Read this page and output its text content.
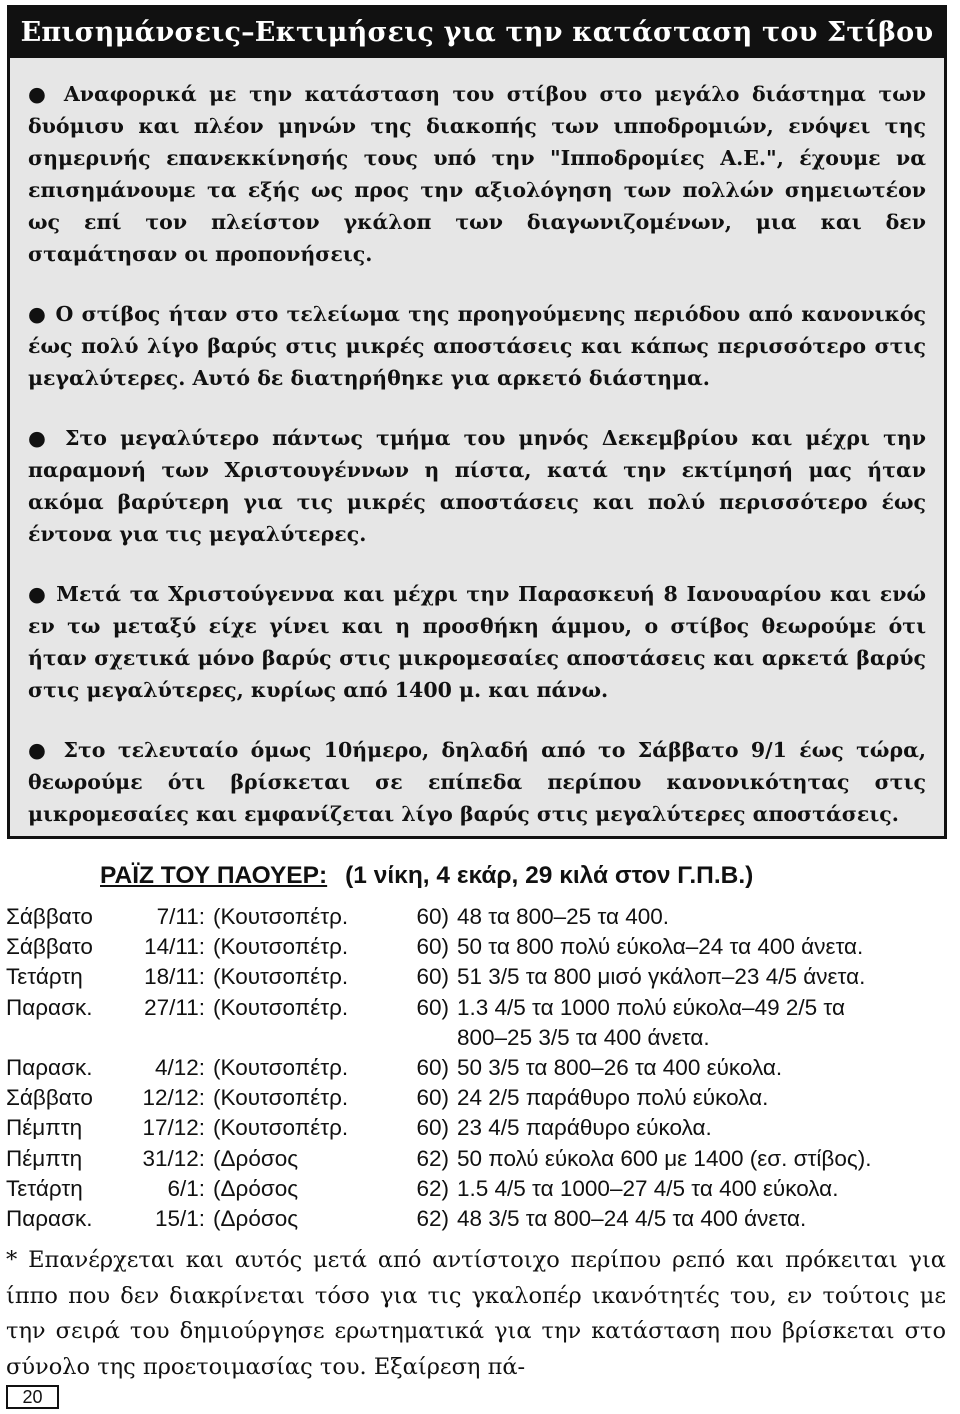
Επισημάνσεις–Εκτιμήσεις για την κατάσταση του Στίβου

● Αναφορικά με την κατάσταση του στίβου στο μεγάλο διάστημα των δυόμισυ και πλέον μηνών της διακοπής των ιπποδρομιών, ενόψει της σημερινής επανεκκίνησής τους υπό την "Ιπποδρομίες Α.Ε.", έχουμε να επισημάνουμε τα εξής ως προς την αξιολόγηση των πολλών σημειωτέον ως επί τον πλείστον γκάλοπ των διαγωνιζομένων, μια και δεν σταμάτησαν οι προπονήσεις.

● Ο στίβος ήταν στο τελείωμα της προηγούμενης περιόδου από κανονικός έως πολύ λίγο βαρύς στις μικρές αποστάσεις και κάπως περισσότερο στις μεγαλύτερες. Αυτό δε διατηρήθηκε για αρκετό διάστημα.

● Στο μεγαλύτερο πάντως τμήμα του μηνός Δεκεμβρίου και μέχρι την παραμονή των Χριστουγέννων η πίστα, κατά την εκτίμησή μας ήταν ακόμα βαρύτερη για τις μικρές αποστάσεις και πολύ περισσότερο έως έντονα για τις μεγαλύτερες.

● Μετά τα Χριστούγεννα και μέχρι την Παρασκευή 8 Ιανουαρίου και ενώ εν τω μεταξύ είχε γίνει και η προσθήκη άμμου, ο στίβος θεωρούμε ότι ήταν σχετικά μόνο βαρύς στις μικρομεσαίες αποστάσεις και αρκετά βαρύς στις μεγαλύτερες, κυρίως από 1400 μ. και πάνω.

● Στο τελευταίο όμως 10ήμερο, δηλαδή από το Σάββατο 9/1 έως τώρα, θεωρούμε ότι βρίσκεται σε επίπεδα περίπου κανονικότητας στις μικρομεσαίες και εμφανίζεται λίγο βαρύς στις μεγαλύτερες αποστάσεις.

ΡΑΪΖ ΤΟΥ ΠΑΟΥΕΡ: (1 νίκη, 4 εκάρ, 29 κιλά στον Γ.Π.Β.)
Σάββατο	7/11: (Κουτσοπέτρ.	60) 48 τα 800–25 τα 400.
Σάββατο	14/11: (Κουτσοπέτρ.	60) 50 τα 800 πολύ εύκολα–24 τα 400 άνετα.
Τετάρτη	18/11: (Κουτσοπέτρ.	60) 51 3/5 τα 800 μισό γκάλοπ–23 4/5 άνετα.
Παρασκ.	27/11: (Κουτσοπέτρ.	60) 1.3 4/5 τα 1000 πολύ εύκολα–49 2/5 τα
800–25 3/5 τα 400 άνετα.
Παρασκ.	4/12: (Κουτσοπέτρ.	60) 50 3/5 τα 800–26 τα 400 εύκολα.
Σάββατο	12/12: (Κουτσοπέτρ.	60) 24 2/5 παράθυρο πολύ εύκολα.
Πέμπτη	17/12: (Κουτσοπέτρ.	60) 23 4/5 παράθυρο εύκολα.
Πέμπτη	31/12: (Δρόσος	62) 50 πολύ εύκολα 600 με 1400 (εσ. στίβος).
Τετάρτη	6/1: (Δρόσος	62) 1.5 4/5 τα 1000–27 4/5 τα 400 εύκολα.
Παρασκ.	15/1: (Δρόσος	62) 48 3/5 τα 800–24 4/5 τα 400 άνετα.
* Επανέρχεται και αυτός μετά από αντίστοιχο περίπου ρεπό και πρόκειται για ίππο που δεν διακρίνεται τόσο για τις γκαλοπέρ ικανότητές του, εν τούτοις με την σειρά του δημιούργησε ερωτηματικά για την κατάσταση που βρίσκεται στο σύνολο της προετοιμασίας του. Εξαίρεση πά-
20
